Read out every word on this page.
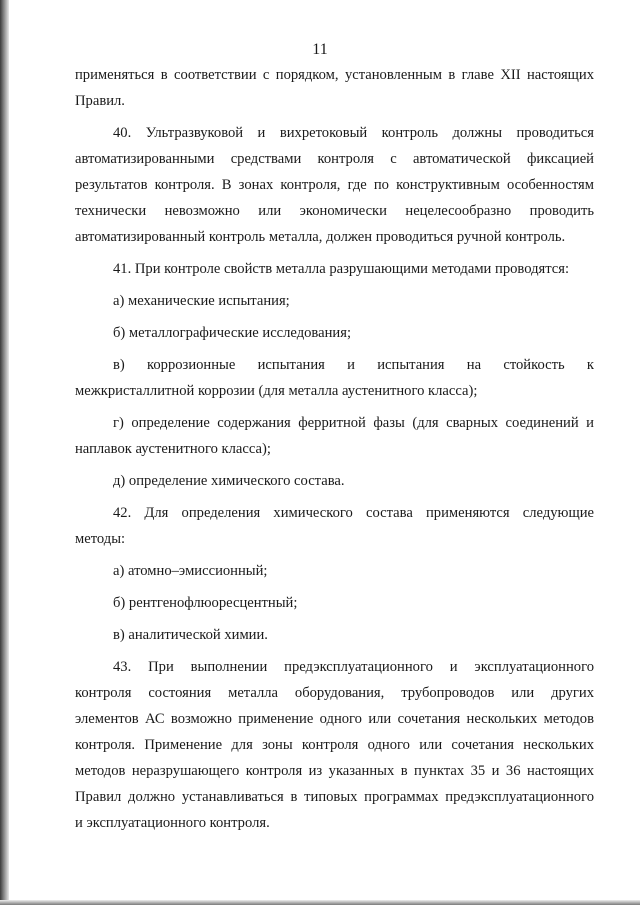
11
применяться в соответствии с порядком, установленным в главе XII настоящих
Правил.
40. Ультразвуковой и вихретоковый контроль должны проводиться
автоматизированными средствами контроля с автоматической фиксацией
результатов контроля. В зонах контроля, где по конструктивным особенностям
технически невозможно или экономически нецелесообразно проводить
автоматизированный контроль металла, должен проводиться ручной контроль.
41. При контроле свойств металла разрушающими методами проводятся:
а) механические испытания;
б) металлографические исследования;
в) коррозионные испытания и испытания на стойкость к
межкристаллитной коррозии (для металла аустенитного класса);
г) определение содержания ферритной фазы (для сварных соединений и
наплавок аустенитного класса);
д) определение химического состава.
42. Для определения химического состава применяются следующие
методы:
а) атомно–эмиссионный;
б) рентгенофлюоресцентный;
в) аналитической химии.
43. При выполнении предэксплуатационного и эксплуатационного
контроля состояния металла оборудования, трубопроводов или других
элементов АС возможно применение одного или сочетания нескольких методов
контроля. Применение для зоны контроля одного или сочетания нескольких
методов неразрушающего контроля из указанных в пунктах 35 и 36 настоящих
Правил должно устанавливаться в типовых программах предэксплуатационного
и эксплуатационного контроля.
